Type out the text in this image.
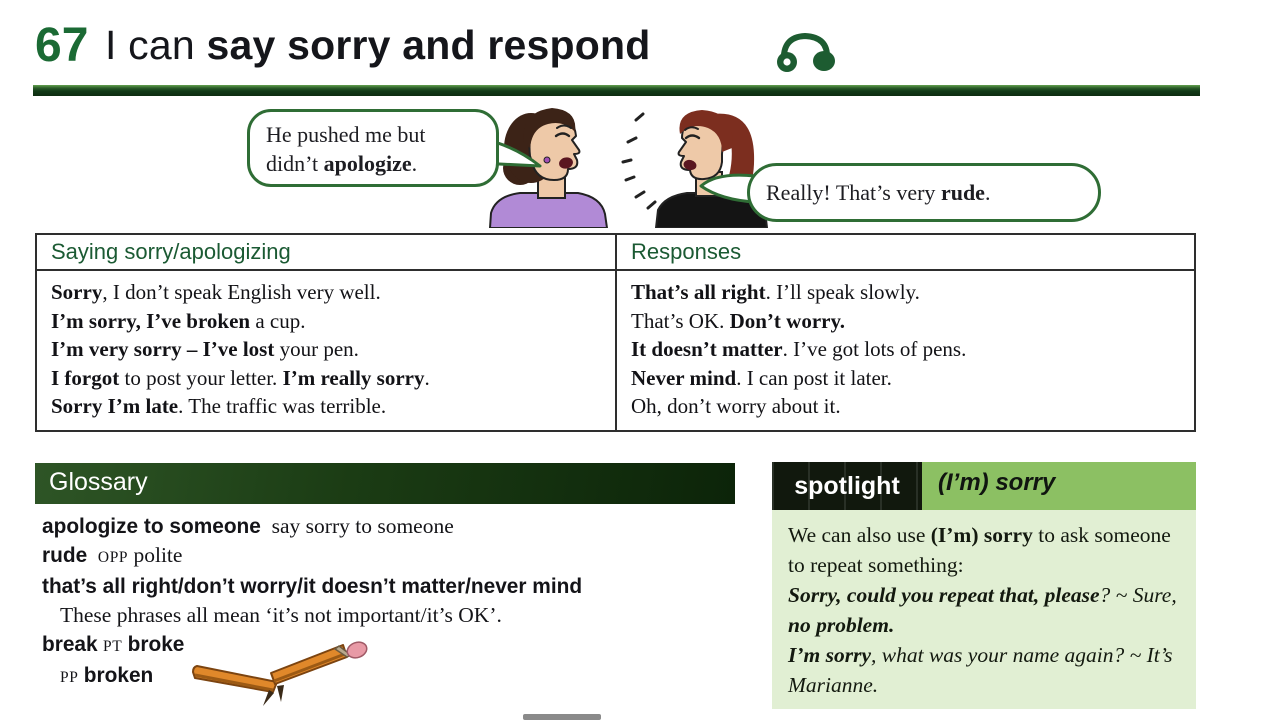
67 I can say sorry and respond
He pushed me but didn’t apologize.
Really! That’s very rude.
Saying sorry/apologizing	Responses
Sorry, I don’t speak English very well.
I’m sorry, I’ve broken a cup.
I’m very sorry – I’ve lost your pen.
I forgot to post your letter. I’m really sorry.
Sorry I’m late. The traffic was terrible.
That’s all right. I’ll speak slowly.
That’s OK. Don’t worry.
It doesn’t matter. I’ve got lots of pens.
Never mind. I can post it later.
Oh, don’t worry about it.
Glossary
apologize to someone  say sorry to someone
rude OPP polite
that’s all right/don’t worry/it doesn’t matter/never mind
These phrases all mean ‘it’s not important/it’s OK’.
break PT broke
PP broken
spotlight	(I’m) sorry
We can also use (I’m) sorry to ask someone to repeat something:
Sorry, could you repeat that, please? ~ Sure, no problem.
I’m sorry, what was your name again? ~ It’s Marianne.
